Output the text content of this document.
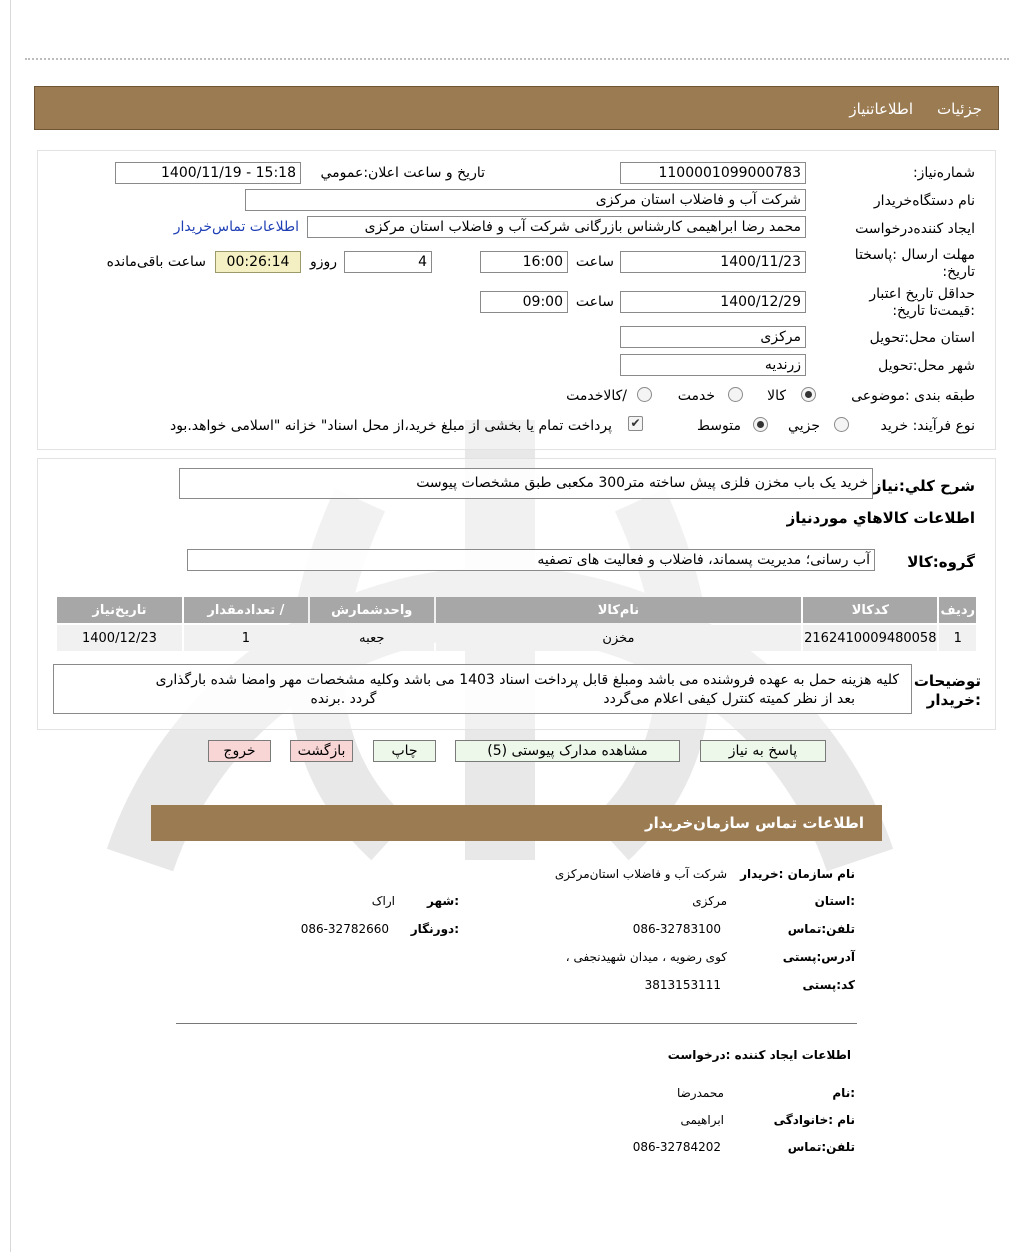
جزئیات
اطلاعاتنیاز
شماره‌نیاز:
1100001099000783
تاریخ و ساعت اعلان:عمومي
1400/11/19 - 15:18
نام دستگاه‌خریدار
شرکت آب و فاضلاب استان مرکزی
ایجاد کننده‌درخواست
محمد رضا ابراهیمی کارشناس بازرگانی شرکت آب و فاضلاب استان مرکزی
اطلاعات تماس‌خریدار
مهلت ارسال :پاسختا تاریخ:
1400/11/23
ساعت
16:00
4
روزو
00:26:14
ساعت باقی‌مانده
حداقل تاریخ اعتبار :قیمت‌تا تاریخ:
1400/12/29
ساعت
09:00
استان محل:تحویل
مرکزی
شهر محل:تحویل
زرندیه
طبقه بندی :موضوعی
کالا
خدمت
/کالاخدمت
نوع فرآیند: خرید
جزیي
متوسط
✔
پرداخت تمام یا بخشی از مبلغ خرید،از محل اسناد" خزانه "اسلامی خواهد.بود
شرح كلي:نياز
خرید یک باب مخزن فلزی پیش ساخته متر300 مکعبی طبق مشخصات پیوست
اطلاعات كالاهاي موردنياز
گروه:كالا
آب رسانی؛ مدیریت پسماند، فاضلاب و فعالیت های تصفیه
ردیف	کدکالا	نام‌کالا	واحدشمارش	/ تعدادمقدار	تاریخ‌نیاز
1	2162410009480058	مخزن	جعبه	1	1400/12/23
توضیحات :خریدار
کلیه هزینه حمل به عهده فروشنده می باشد ومبلغ قابل پرداخت اسناد 1403 می باشد وکلیه مشخصات مهر وامضا شده بارگذاری
بعد از نظر کمیته کنترل کیفی اعلام می‌گردد                                                   گردد .برنده
پاسخ به نیاز
مشاهده مدارک پیوستی (5)
چاپ
بازگشت
خروج
اطلاعات تماس سازمان‌خریدار
نام سازمان :خریدار
شرکت آب و فاضلاب استان‌مرکزی
:استان
مرکزی
:شهر
اراک
تلفن:تماس
086-32783100
:دورنگار
086-32782660
آدرس:پستی
کوی رضویه ، میدان شهیدنجفی ،
کد:پستی
3813153111
اطلاعات ایجاد کننده :درخواست
:نام
محمدرضا
نام :خانوادگی
ابراهیمی
تلفن:تماس
086-32784202
